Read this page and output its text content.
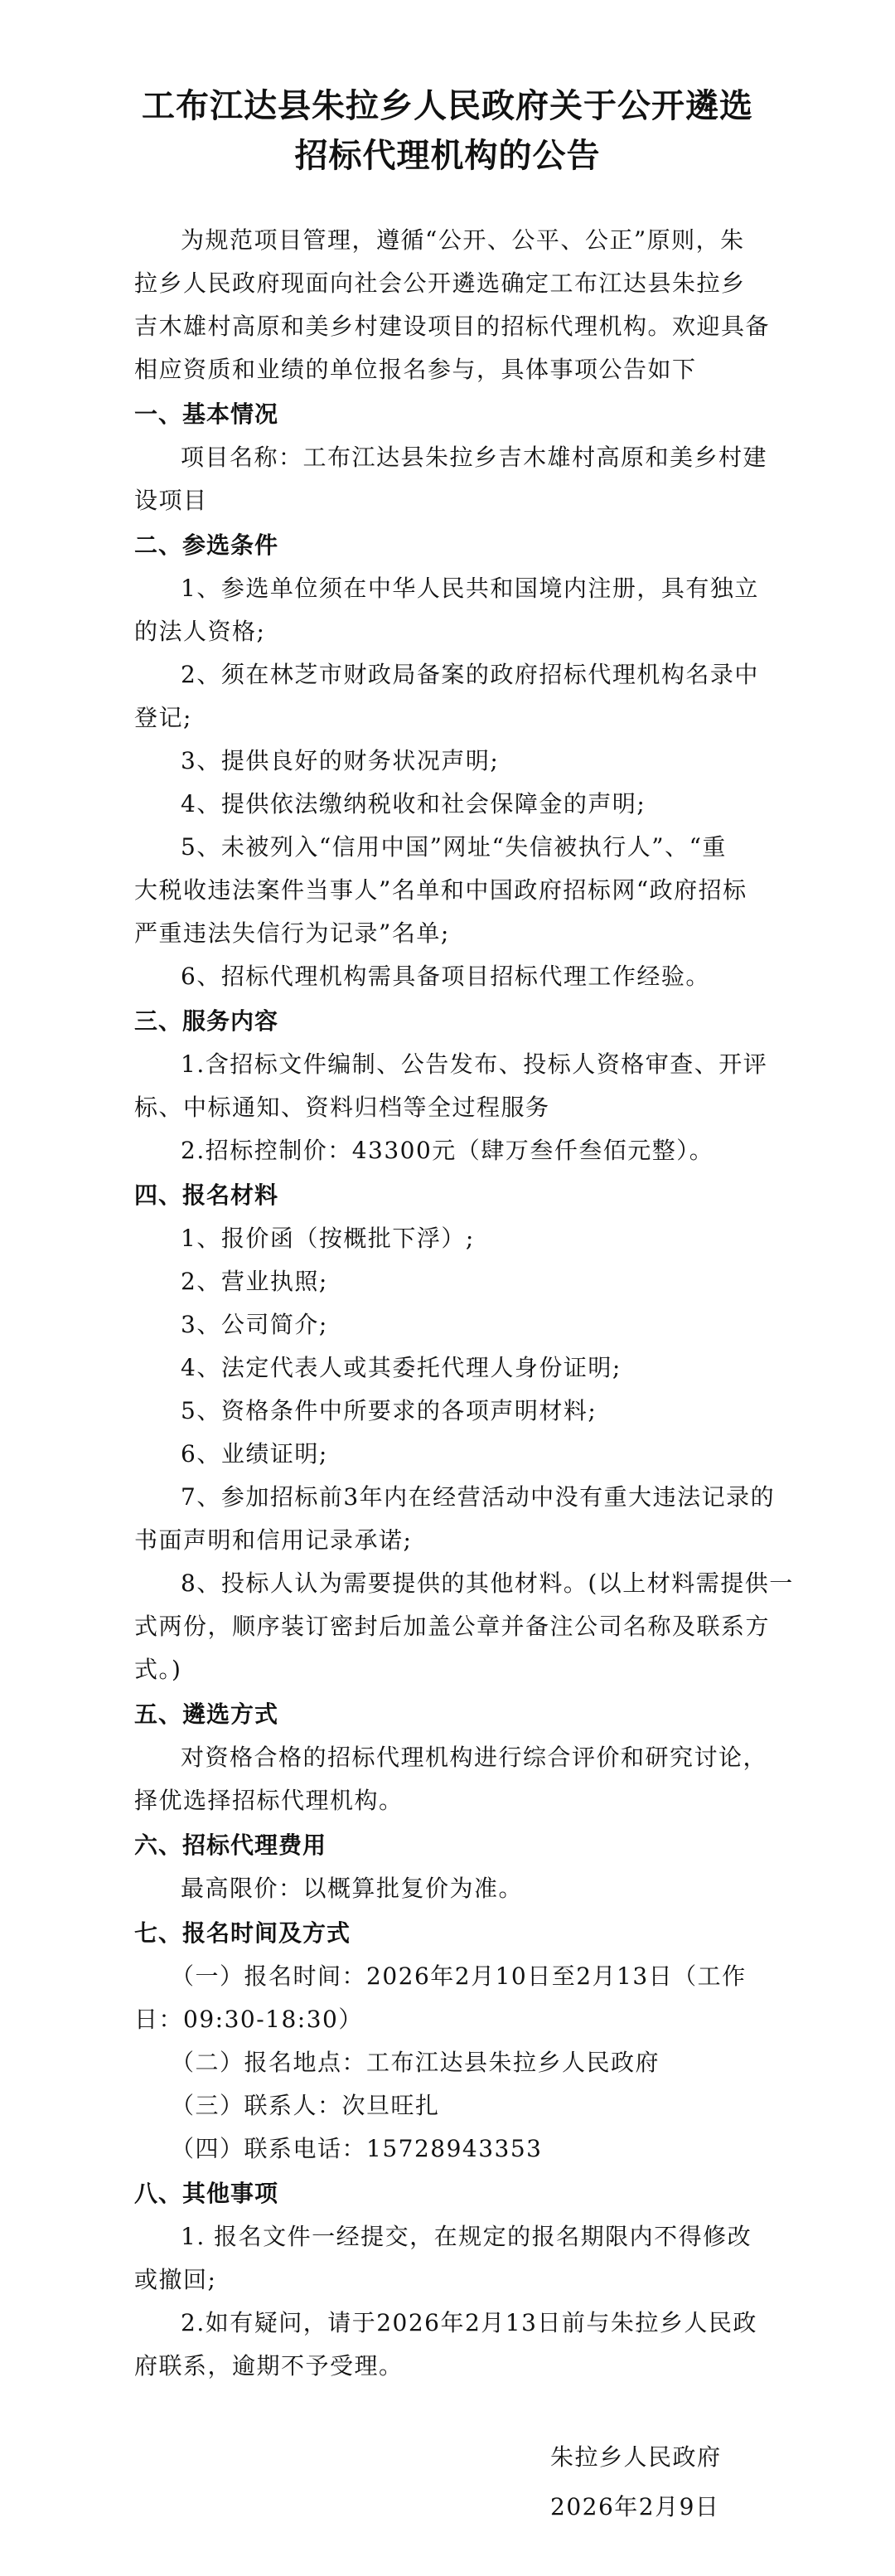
工布江达县朱拉乡人民政府关于公开遴选
招标代理机构的公告
为规范项目管理，遵循“公开、公平、公正”原则，朱
拉乡人民政府现面向社会公开遴选确定工布江达县朱拉乡
吉木雄村高原和美乡村建设项目的招标代理机构。欢迎具备
相应资质和业绩的单位报名参与，具体事项公告如下
一、基本情况
项目名称：工布江达县朱拉乡吉木雄村高原和美乡村建
设项目
二、参选条件
1、参选单位须在中华人民共和国境内注册，具有独立
的法人资格;
2、须在林芝市财政局备案的政府招标代理机构名录中
登记;
3、提供良好的财务状况声明;
4、提供依法缴纳税收和社会保障金的声明;
5、未被列入“信用中国”网址“失信被执行人”、“重
大税收违法案件当事人”名单和中国政府招标网“政府招标
严重违法失信行为记录”名单;
6、招标代理机构需具备项目招标代理工作经验。
三、服务内容
1.含招标文件编制、公告发布、投标人资格审查、开评
标、中标通知、资料归档等全过程服务
2.招标控制价：43300元（肆万叁仟叁佰元整）。
四、报名材料
1、报价函（按概批下浮）;
2、营业执照;
3、公司简介;
4、法定代表人或其委托代理人身份证明;
5、资格条件中所要求的各项声明材料;
6、业绩证明;
7、参加招标前3年内在经营活动中没有重大违法记录的
书面声明和信用记录承诺;
8、投标人认为需要提供的其他材料。(以上材料需提供一
式两份，顺序装订密封后加盖公章并备注公司名称及联系方
式。)
五、遴选方式
对资格合格的招标代理机构进行综合评价和研究讨论，
择优选择招标代理机构。
六、招标代理费用
最高限价：以概算批复价为准。
七、报名时间及方式
（一）报名时间：2026年2月10日至2月13日（工作
日：09:30-18:30）
（二）报名地点：工布江达县朱拉乡人民政府
（三）联系人：次旦旺扎
（四）联系电话：15728943353
八、其他事项
1. 报名文件一经提交，在规定的报名期限内不得修改
或撤回;
2.如有疑问，请于2026年2月13日前与朱拉乡人民政
府联系，逾期不予受理。
朱拉乡人民政府
2026年2月9日
